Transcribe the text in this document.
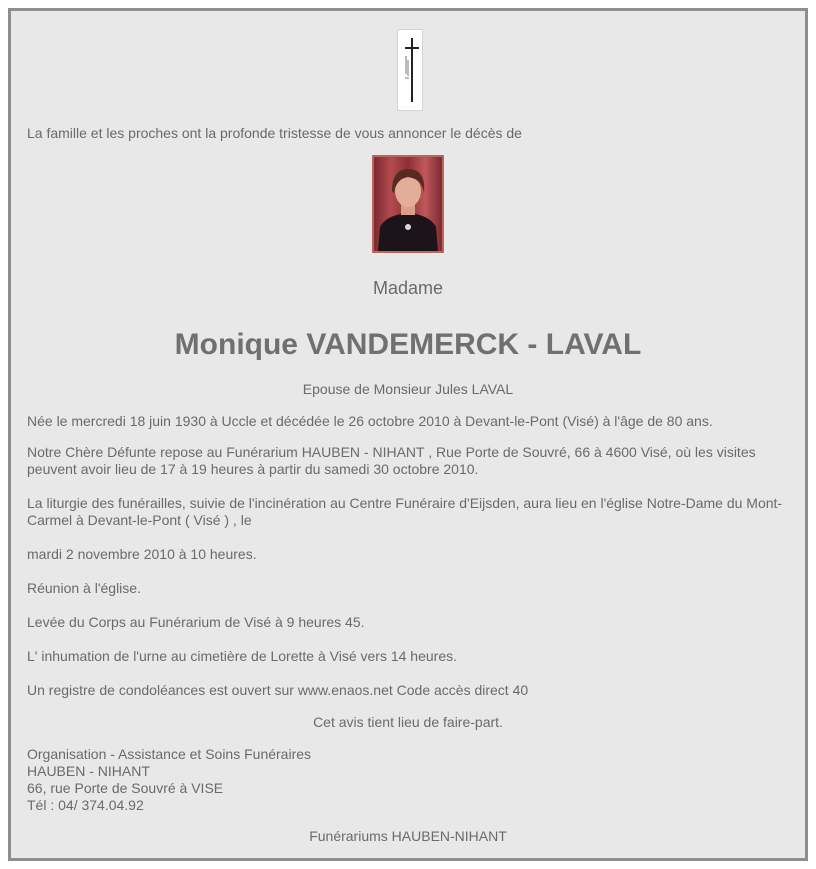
La famille et les proches ont la profonde tristesse de vous annoncer le décès de

Madame

Monique VANDEMERCK - LAVAL

Epouse de Monsieur Jules LAVAL

Née le mercredi 18 juin 1930 à Uccle et décédée le 26 octobre 2010 à Devant-le-Pont (Visé) à l'âge de 80 ans.

Notre Chère Défunte repose au Funérarium HAUBEN - NIHANT , Rue Porte de Souvré, 66 à 4600 Visé, où les visites peuvent avoir lieu de 17 à 19 heures à partir du samedi 30 octobre 2010.

La liturgie des funérailles, suivie de l'incinération au Centre Funéraire d'Eijsden, aura lieu en l'église Notre-Dame du Mont-Carmel à Devant-le-Pont ( Visé ) , le

mardi 2 novembre 2010 à 10 heures.

Réunion à l'église.

Levée du Corps au Funérarium de Visé à 9 heures 45.

L' inhumation de l'urne au cimetière de Lorette à Visé vers 14 heures.

Un registre de condoléances est ouvert sur www.enaos.net Code accès direct 40

Cet avis tient lieu de faire-part.

Organisation - Assistance et Soins Funéraires

HAUBEN - NIHANT

66, rue Porte de Souvré à VISE

Tél : 04/ 374.04.92

Funérariums HAUBEN-NIHANT
